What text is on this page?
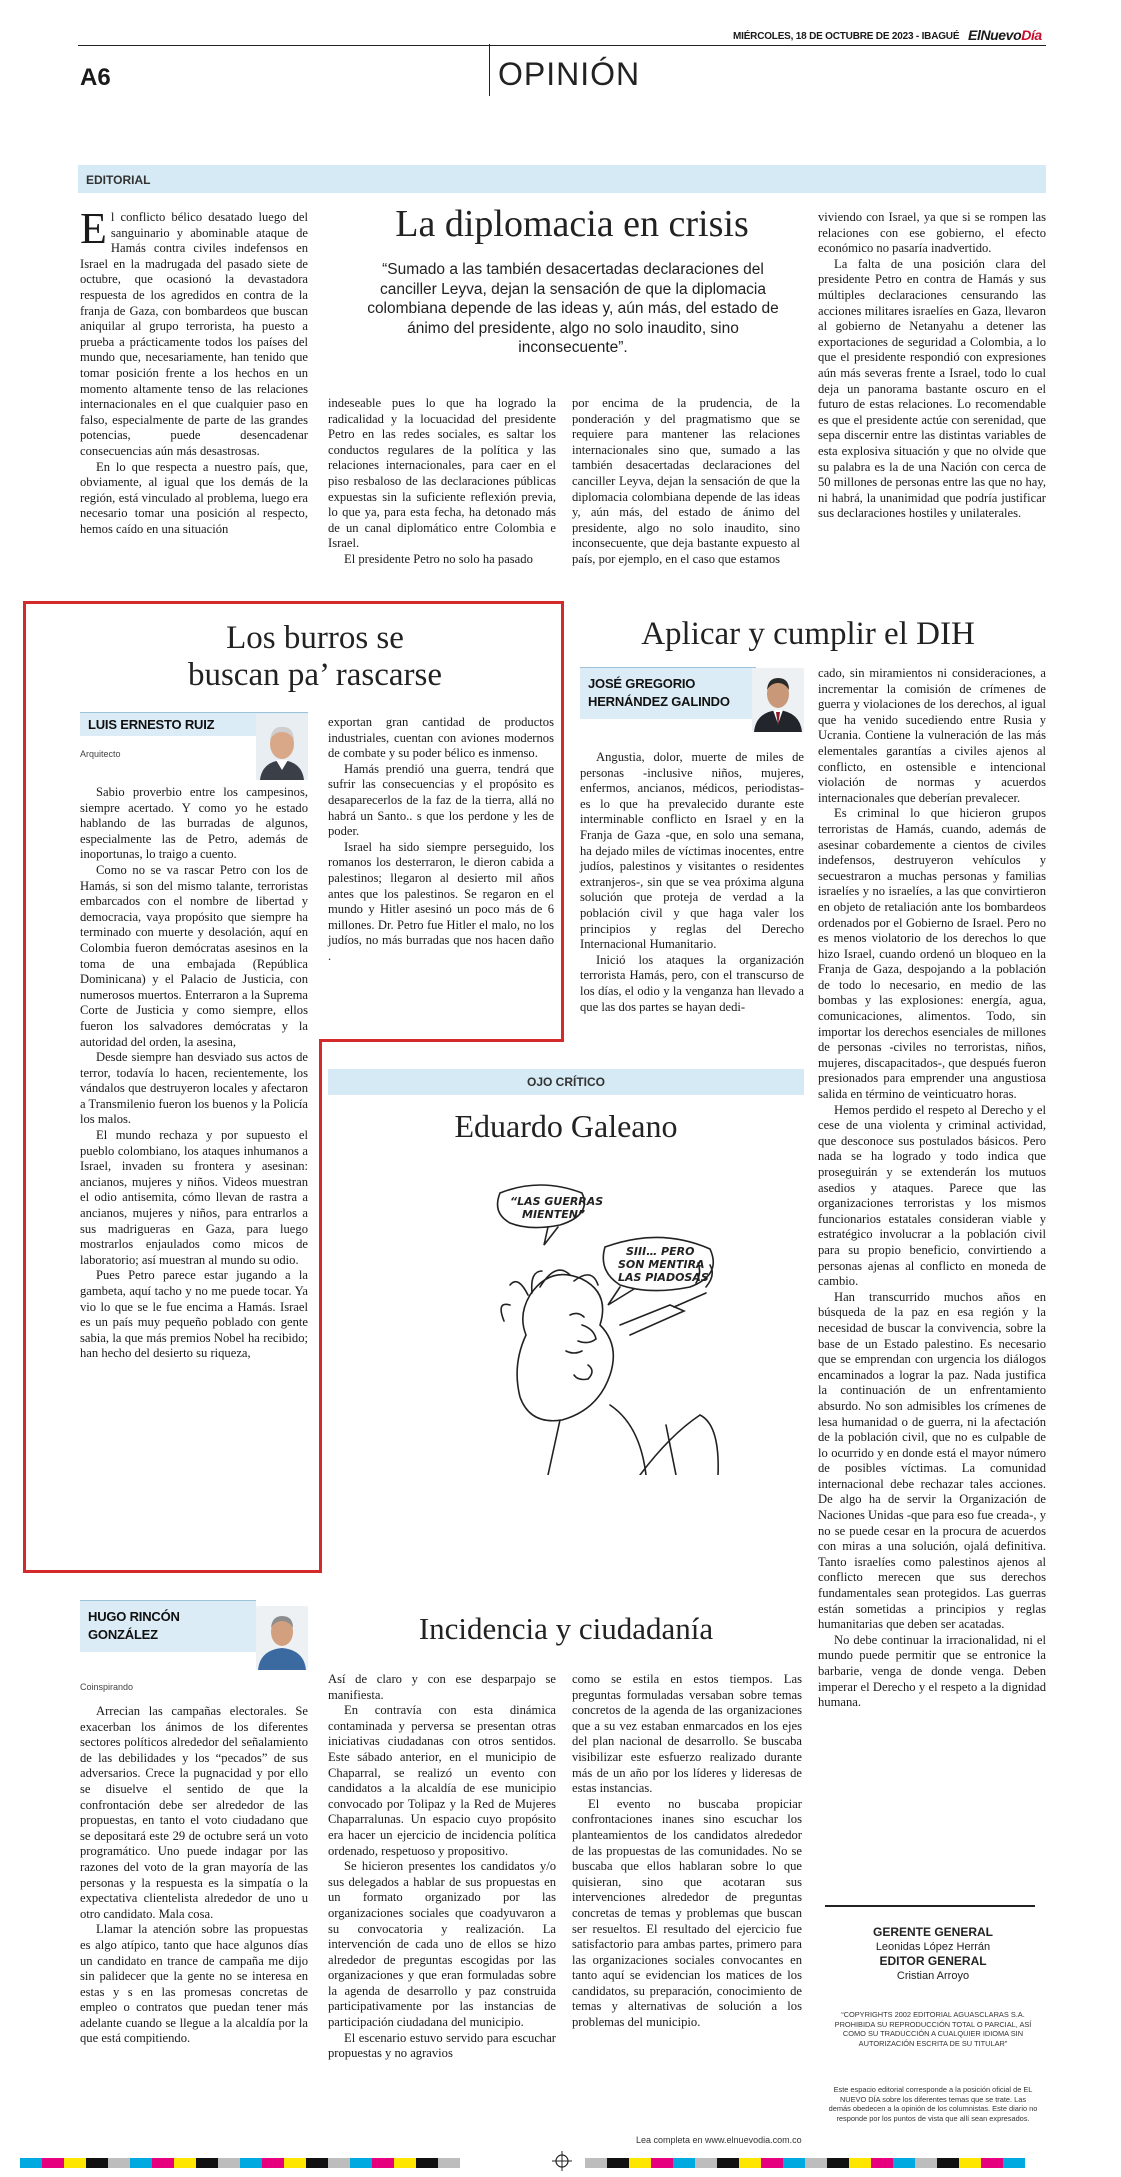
MIÉRCOLES, 18 DE OCTUBRE DE 2023 - IBAGUÉ ElNuevoDía
A6	OPINIÓN
EDITORIAL

El conflicto bélico desatado luego del sanguinario y abominable ataque de Hamás contra civiles indefensos en Israel en la madrugada del pasado siete de octubre, que ocasionó la devastadora respuesta de los agredidos en contra de la franja de Gaza, con bombardeos que buscan aniquilar al grupo terrorista, ha puesto a prueba a prácticamente todos los países del mundo que, necesariamente, han tenido que tomar posición frente a los hechos en un momento altamente tenso de las relaciones internacionales en el que cualquier paso en falso, especialmente de parte de las grandes potencias, puede desencadenar consecuencias aún más desastrosas.

En lo que respecta a nuestro país, que, obviamente, al igual que los demás de la región, está vinculado al problema, luego era necesario tomar una posición al respecto, hemos caído en una situación

La diplomacia en crisis
“Sumado a las también desacertadas declaraciones del canciller Leyva, dejan la sensación de que la diplomacia colombiana depende de las ideas y, aún más, del estado de ánimo del presidente, algo no solo inaudito, sino inconsecuente”.

indeseable pues lo que ha logrado la radicalidad y la locuacidad del presidente Petro en las redes sociales, es saltar los conductos regulares de la política y las relaciones internacionales, para caer en el piso resbaloso de las declaraciones públicas expuestas sin la suficiente reflexión previa, lo que ya, para esta fecha, ha detonado más de un canal diplomático entre Colombia e Israel.

El presidente Petro no solo ha pasado

por encima de la prudencia, de la ponderación y del pragmatismo que se requiere para mantener las relaciones internacionales sino que, sumado a las también desacertadas declaraciones del canciller Leyva, dejan la sensación de que la diplomacia colombiana depende de las ideas y, aún más, del estado de ánimo del presidente, algo no solo inaudito, sino inconsecuente, que deja bastante expuesto al país, por ejemplo, en el caso que estamos

viviendo con Israel, ya que si se rompen las relaciones con ese gobierno, el efecto económico no pasaría inadvertido.

La falta de una posición clara del presidente Petro en contra de Hamás y sus múltiples declaraciones censurando las acciones militares israelíes en Gaza, llevaron al gobierno de Netanyahu a detener las exportaciones de seguridad a Colombia, a lo que el presidente respondió con expresiones aún más severas frente a Israel, todo lo cual deja un panorama bastante oscuro en el futuro de estas relaciones. Lo recomendable es que el presidente actúe con serenidad, que sepa discernir entre las distintas variables de esta explosiva situación y que no olvide que su palabra es la de una Nación con cerca de 50 millones de personas entre las que no hay, ni habrá, la unanimidad que podría justificar sus declaraciones hostiles y unilaterales.

Los burros se
buscan pa’ rascarse
LUIS ERNESTO RUIZ
Arquitecto

Sabio proverbio entre los campesinos, siempre acertado. Y como yo he estado hablando de las burradas de algunos, especialmente las de Petro, además de inoportunas, lo traigo a cuento.

Como no se va rascar Petro con los de Hamás, si son del mismo talante, terroristas embarcados con el nombre de libertad y democracia, vaya propósito que siempre ha terminado con muerte y desolación, aquí en Colombia fueron demócratas asesinos en la toma de una embajada (República Dominicana) y el Palacio de Justicia, con numerosos muertos. Enterraron a la Suprema Corte de Justicia y como siempre, ellos fueron los salvadores demócratas y la autoridad del orden, la asesina,

Desde siempre han desviado sus actos de terror, todavía lo hacen, recientemente, los vándalos que destruyeron locales y afectaron a Transmilenio fueron los buenos y la Policía los malos.

El mundo rechaza y por supuesto el pueblo colombiano, los ataques inhumanos a Israel, invaden su frontera y asesinan: ancianos, mujeres y niños. Videos muestran el odio antisemita, cómo llevan de rastra a ancianos, mujeres y niños, para entrarlos a sus madrigueras en Gaza, para luego mostrarlos enjaulados como micos de laboratorio; así muestran al mundo su odio.

Pues Petro parece estar jugando a la gambeta, aquí tacho y no me puede tocar. Ya vio lo que se le fue encima a Hamás. Israel es un país muy pequeño poblado con gente sabia, la que más premios Nobel ha recibido; han hecho del desierto su riqueza,

exportan gran cantidad de productos industriales, cuentan con aviones modernos de combate y su poder bélico es inmenso.

Hamás prendió una guerra, tendrá que sufrir las consecuencias y el propósito es desaparecerlos de la faz de la tierra, allá no habrá un Santo.. s que los perdone y les de poder.

Israel ha sido siempre perseguido, los romanos los desterraron, le dieron cabida a palestinos; llegaron al desierto mil años antes que los palestinos. Se regaron en el mundo y Hitler asesinó un poco más de 6 millones. Dr. Petro fue Hitler el malo, no los judíos, no más burradas que nos hacen daño .

Aplicar y cumplir el DIH
JOSÉ GREGORIO
HERNÁNDEZ GALINDO

Angustia, dolor, muerte de miles de personas -inclusive niños, mujeres, enfermos, ancianos, médicos, periodistas- es lo que ha prevalecido durante este interminable conflicto en Israel y en la Franja de Gaza -que, en solo una semana, ha dejado miles de víctimas inocentes, entre judíos, palestinos y visitantes o residentes extranjeros-, sin que se vea próxima alguna solución que proteja de verdad a la población civil y que haga valer los principios y reglas del Derecho Internacional Humanitario.

Inició los ataques la organización terrorista Hamás, pero, con el transcurso de los días, el odio y la venganza han llevado a que las dos partes se hayan dedi-

cado, sin miramientos ni consideraciones, a incrementar la comisión de crímenes de guerra y violaciones de los derechos, al igual que ha venido sucediendo entre Rusia y Ucrania. Contiene la vulneración de las más elementales garantías a civiles ajenos al conflicto, en ostensible e intencional violación de normas y acuerdos internacionales que deberían prevalecer.

Es criminal lo que hicieron grupos terroristas de Hamás, cuando, además de asesinar cobardemente a cientos de civiles indefensos, destruyeron vehículos y secuestraron a muchas personas y familias israelíes y no israelíes, a las que convirtieron en objeto de retaliación ante los bombardeos ordenados por el Gobierno de Israel. Pero no es menos violatorio de los derechos lo que hizo Israel, cuando ordenó un bloqueo en la Franja de Gaza, despojando a la población de todo lo necesario, en medio de las bombas y las explosiones: energía, agua, comunicaciones, alimentos. Todo, sin importar los derechos esenciales de millones de personas -civiles no terroristas, niños, mujeres, discapacitados-, que después fueron presionados para emprender una angustiosa salida en término de veinticuatro horas.

Hemos perdido el respeto al Derecho y el cese de una violenta y criminal actividad, que desconoce sus postulados básicos. Pero nada se ha logrado y todo indica que proseguirán y se extenderán los mutuos asedios y ataques. Parece que las organizaciones terroristas y los mismos funcionarios estatales consideran viable y estratégico involucrar a la población civil para su propio beneficio, convirtiendo a personas ajenas al conflicto en moneda de cambio.

Han transcurrido muchos años en búsqueda de la paz en esa región y la necesidad de buscar la convivencia, sobre la base de un Estado palestino. Es necesario que se emprendan con urgencia los diálogos encaminados a lograr la paz. Nada justifica la continuación de un enfrentamiento absurdo. No son admisibles los crímenes de lesa humanidad o de guerra, ni la afectación de la población civil, que no es culpable de lo ocurrido y en donde está el mayor número de posibles víctimas. La comunidad internacional debe rechazar tales acciones. De algo ha de servir la Organización de Naciones Unidas -que para eso fue creada-, y no se puede cesar en la procura de acuerdos con miras a una solución, ojalá definitiva. Tanto israelíes como palestinos ajenos al conflicto merecen que sus derechos fundamentales sean protegidos. Las guerras están sometidas a principios y reglas humanitarias que deben ser acatadas.

No debe continuar la irracionalidad, ni el mundo puede permitir que se entronice la barbarie, venga de donde venga. Deben imperar el Derecho y el respeto a la dignidad humana.

OJO CRÍTICO
Eduardo Galeano
“LAS GUERRAS
MIENTEN”
SIII… PERO
SON MENTIRA
LAS PIADOSAS
HUGO RINCÓN
GONZÁLEZ
Coinspirando
Incidencia y ciudadanía

Arrecian las campañas electorales. Se exacerban los ánimos de los diferentes sectores políticos alrededor del señalamiento de las debilidades y los “pecados” de sus adversarios. Crece la pugnacidad y por ello se disuelve el sentido de que la confrontación debe ser alrededor de las propuestas, en tanto el voto ciudadano que se depositará este 29 de octubre será un voto programático. Uno puede indagar por las razones del voto de la gran mayoría de las personas y la respuesta es la simpatía o la expectativa clientelista alrededor de uno u otro candidato. Mala cosa.

Llamar la atención sobre las propuestas es algo atípico, tanto que hace algunos días un candidato en trance de campaña me dijo sin palidecer que la gente no se interesa en estas y s en las promesas concretas de empleo o contratos que puedan tener más adelante cuando se llegue a la alcaldía por la que está compitiendo.

Así de claro y con ese desparpajo se manifiesta.

En contravía con esta dinámica contaminada y perversa se presentan otras iniciativas ciudadanas con otros sentidos. Este sábado anterior, en el municipio de Chaparral, se realizó un evento con candidatos a la alcaldía de ese municipio convocado por Tolipaz y la Red de Mujeres Chaparralunas. Un espacio cuyo propósito era hacer un ejercicio de incidencia política ordenado, respetuoso y propositivo.

Se hicieron presentes los candidatos y/o sus delegados a hablar de sus propuestas en un formato organizado por las organizaciones sociales que coadyuvaron a su convocatoria y realización. La intervención de cada uno de ellos se hizo alrededor de preguntas escogidas por las organizaciones y que eran formuladas sobre la agenda de desarrollo y paz construida participativamente por las instancias de participación ciudadana del municipio.

El escenario estuvo servido para escuchar propuestas y no agravios

como se estila en estos tiempos. Las preguntas formuladas versaban sobre temas concretos de la agenda de las organizaciones que a su vez estaban enmarcados en los ejes del plan nacional de desarrollo. Se buscaba visibilizar este esfuerzo realizado durante más de un año por los líderes y lideresas de estas instancias.

El evento no buscaba propiciar confrontaciones inanes sino escuchar los planteamientos de los candidatos alrededor de las propuestas de las comunidades. No se buscaba que ellos hablaran sobre lo que quisieran, sino que acotaran sus intervenciones alrededor de preguntas concretas de temas y problemas que buscan ser resueltos. El resultado del ejercicio fue satisfactorio para ambas partes, primero para las organizaciones sociales convocantes en tanto aquí se evidencian los matices de los candidatos, su preparación, conocimiento de temas y alternativas de solución a los problemas del municipio.

Lea completa en www.elnuevodia.com.co
GERENTE GENERAL
Leonidas López Herrán
EDITOR GENERAL
Cristian Arroyo
“COPYRIGHTS 2002 EDITORIAL AGUASCLARAS S.A. PROHIBIDA SU REPRODUCCIÓN TOTAL O PARCIAL, ASÍ COMO SU TRADUCCIÓN A CUALQUIER IDIOMA SIN AUTORIZACIÓN ESCRITA DE SU TITULAR”
Este espacio editorial corresponde a la posición oficial de EL NUEVO DÍA sobre los diferentes temas que se trate. Las demás obedecen a la opinión de los columnistas. Este diario no responde por los puntos de vista que allí sean expresados.
